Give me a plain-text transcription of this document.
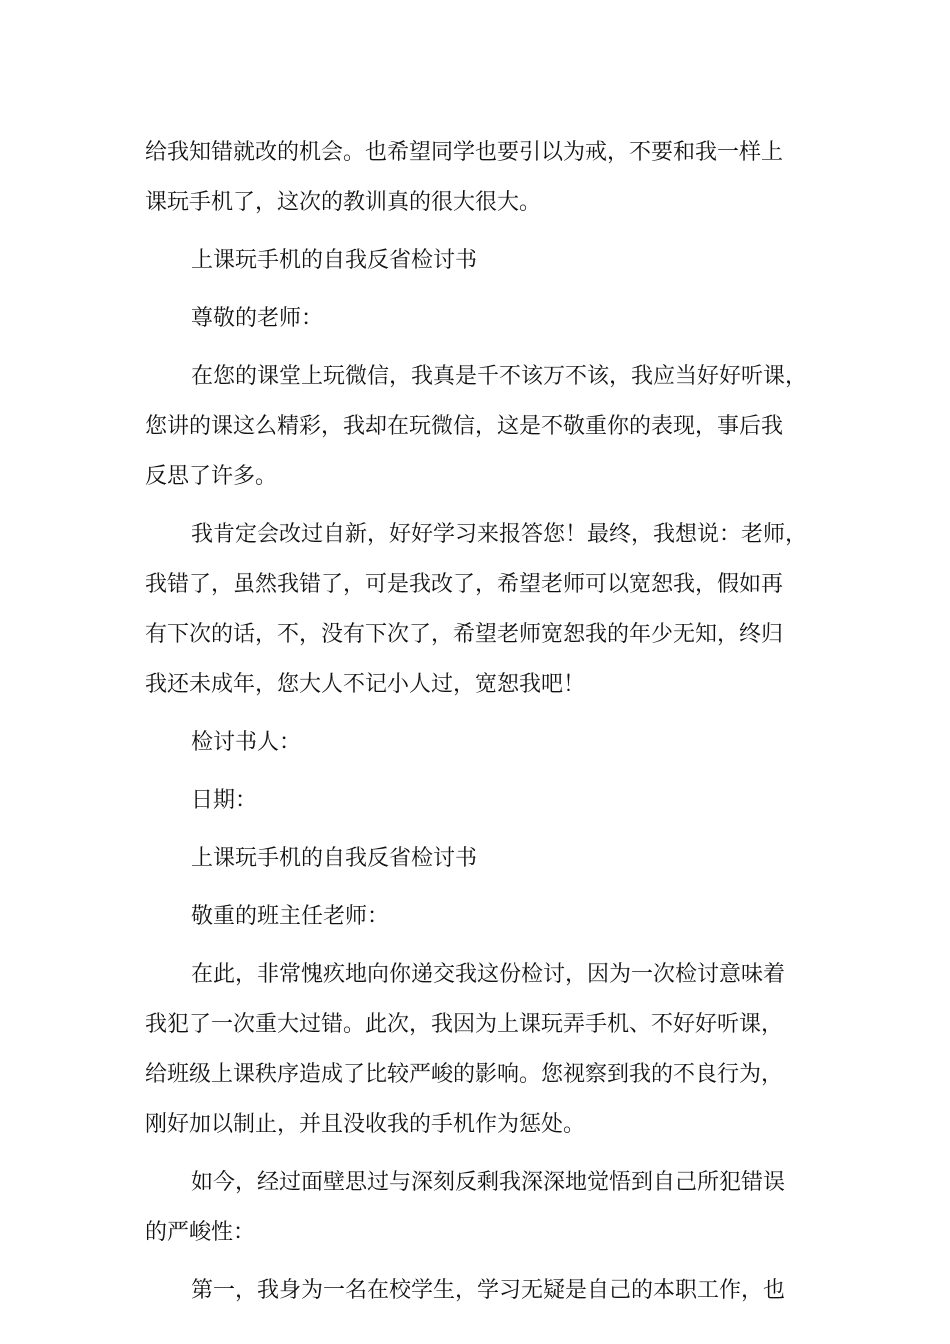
给我知错就改的机会。也希望同学也要引以为戒，不要和我一样上
课玩手机了，这次的教训真的很大很大。
上课玩手机的自我反省检讨书
尊敬的老师：
在您的课堂上玩微信，我真是千不该万不该，我应当好好听课，
您讲的课这么精彩，我却在玩微信，这是不敬重你的表现，事后我
反思了许多。
我肯定会改过自新，好好学习来报答您！最终，我想说：老师，
我错了，虽然我错了，可是我改了，希望老师可以宽恕我，假如再
有下次的话，不，没有下次了，希望老师宽恕我的年少无知，终归
我还未成年，您大人不记小人过，宽恕我吧！
检讨书人：
日期：
上课玩手机的自我反省检讨书
敬重的班主任老师：
在此，非常愧疚地向你递交我这份检讨，因为一次检讨意味着
我犯了一次重大过错。此次，我因为上课玩弄手机、不好好听课，
给班级上课秩序造成了比较严峻的影响。您视察到我的不良行为，
刚好加以制止，并且没收我的手机作为惩处。
如今，经过面壁思过与深刻反剩我深深地觉悟到自己所犯错误
的严峻性：
第一，我身为一名在校学生，学习无疑是自己的本职工作，也
